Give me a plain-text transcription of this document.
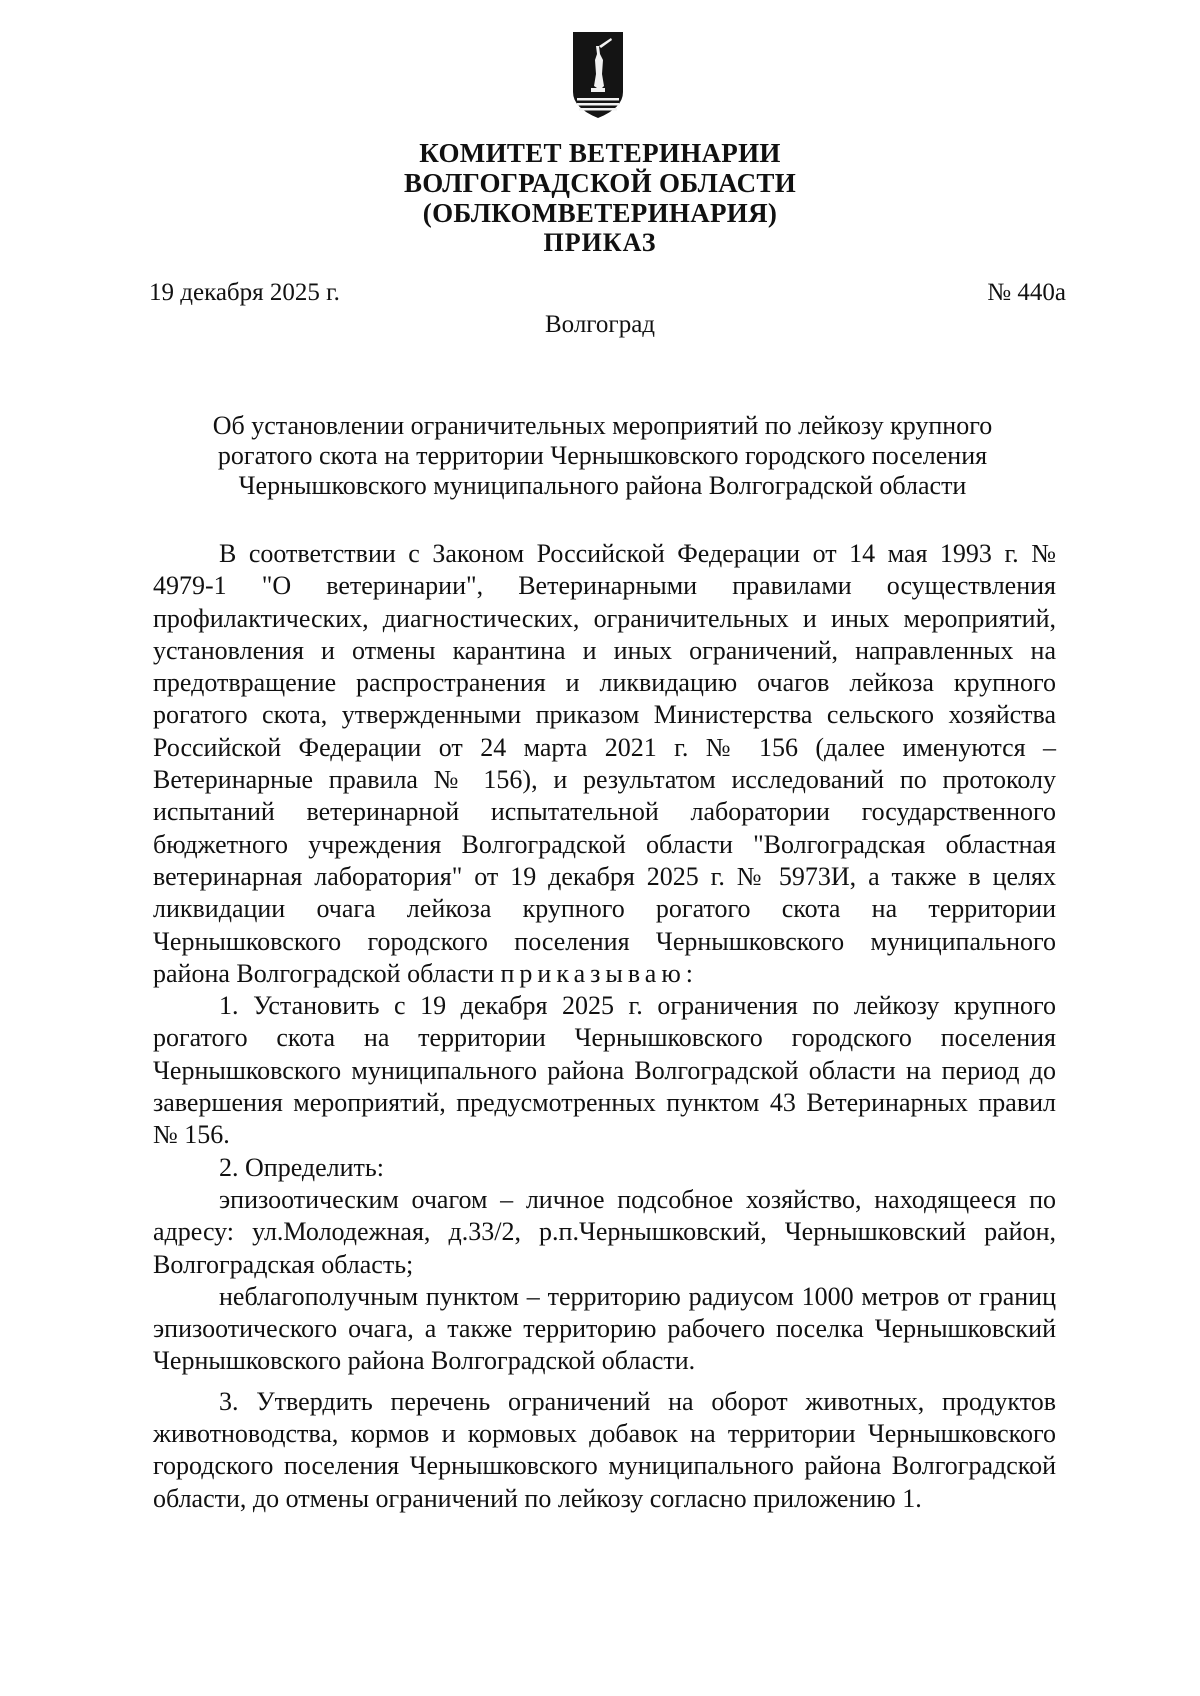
КОМИТЕТ ВЕТЕРИНАРИИ
ВОЛГОГРАДСКОЙ ОБЛАСТИ
(ОБЛКОМВЕТЕРИНАРИЯ)
ПРИКАЗ
19 декабря 2025 г.	№ 440а
Волгоград
Об установлении ограничительных мероприятий по лейкозу крупного
рогатого скота на территории Чернышковского городского поселения
Чернышковского муниципального района Волгоградской области

В соответствии с Законом Российской Федерации от 14 мая 1993 г. № 4979-1 "О ветеринарии", Ветеринарными правилами осуществления профилактических, диагностических, ограничительных и иных мероприятий, установления и отмены карантина и иных ограничений, направленных на предотвращение распространения и ликвидацию очагов лейкоза крупного рогатого скота, утвержденными приказом Министерства сельского хозяйства Российской Федерации от 24 марта 2021 г. № 156 (далее именуются – Ветеринарные правила № 156), и результатом исследований по протоколу испытаний ветеринарной испытательной лаборатории государственного бюджетного учреждения Волгоградской области "Волгоградская областная ветеринарная лаборатория" от 19 декабря 2025 г. № 5973И, а также в целях ликвидации очага лейкоза крупного рогатого скота на территории Чернышковского городского поселения Чернышковского муниципального района Волгоградской области приказываю:

1. Установить с 19 декабря 2025 г. ограничения по лейкозу крупного рогатого скота на территории Чернышковского городского поселения Чернышковского муниципального района Волгоградской области на период до завершения мероприятий, предусмотренных пунктом 43 Ветеринарных правил № 156.

2. Определить:

эпизоотическим очагом – личное подсобное хозяйство, находящееся по адресу: ул.Молодежная, д.33/2, р.п.Чернышковский, Чернышковский район, Волгоградская область;

неблагополучным пунктом – территорию радиусом 1000 метров от границ эпизоотического очага, а также территорию рабочего поселка Чернышковский Чернышковского района Волгоградской области.

3. Утвердить перечень ограничений на оборот животных, продуктов животноводства, кормов и кормовых добавок на территории Чернышковского городского поселения Чернышковского муниципального района Волгоградской области, до отмены ограничений по лейкозу согласно приложению 1.
